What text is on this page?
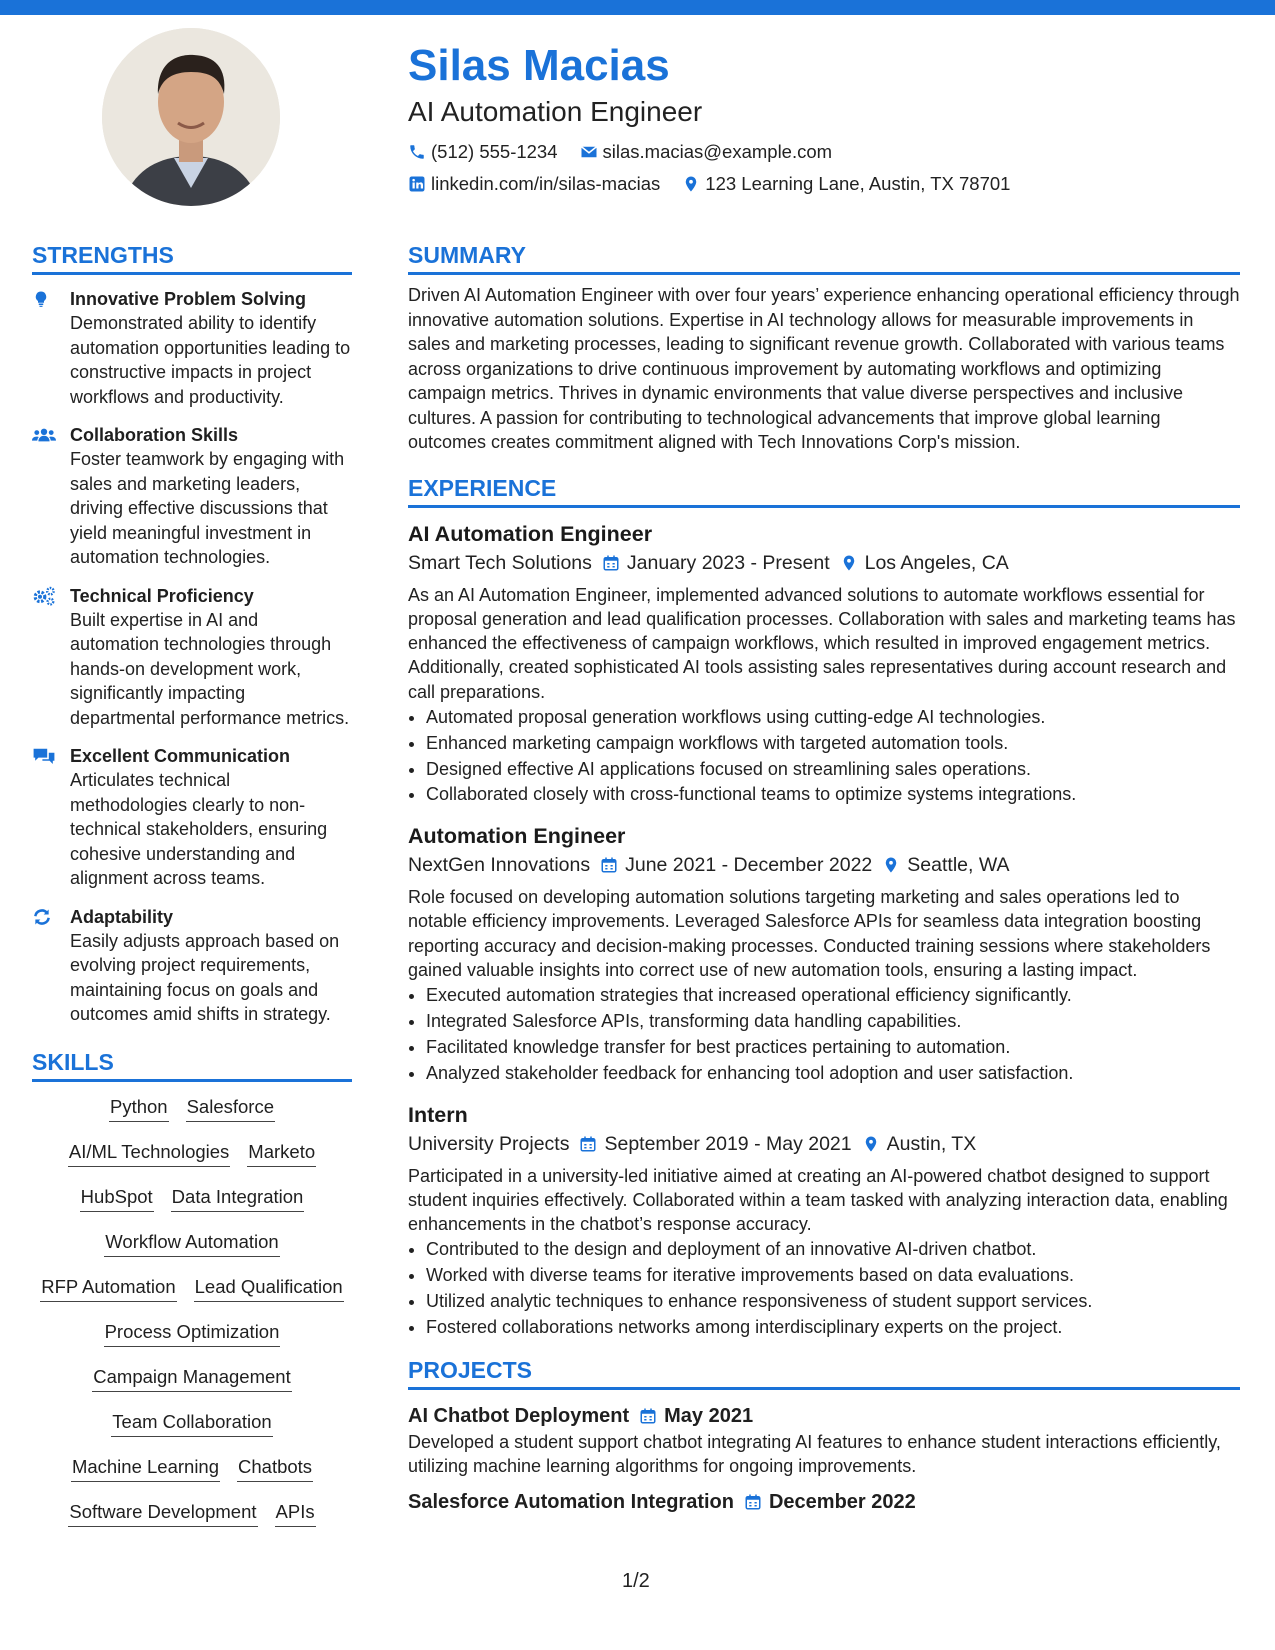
Silas Macias
AI Automation Engineer
(512) 555-1234 silas.macias@example.com
linkedin.com/in/silas-macias 123 Learning Lane, Austin, TX 78701
STRENGTHS
Innovative Problem Solving
Demonstrated ability to identify automation opportunities leading to constructive impacts in project workflows and productivity.
Collaboration Skills
Foster teamwork by engaging with sales and marketing leaders, driving effective discussions that yield meaningful investment in automation technologies.
Technical Proficiency
Built expertise in AI and automation technologies through hands-on development work, significantly impacting departmental performance metrics.
Excellent Communication
Articulates technical methodologies clearly to non-technical stakeholders, ensuring cohesive understanding and alignment across teams.
Adaptability
Easily adjusts approach based on evolving project requirements, maintaining focus on goals and outcomes amid shifts in strategy.
SKILLS
Python Salesforce
AI/ML Technologies Marketo
HubSpot Data Integration
Workflow Automation
RFP Automation Lead Qualification
Process Optimization
Campaign Management
Team Collaboration
Machine Learning Chatbots
Software Development APIs
SUMMARY
Driven AI Automation Engineer with over four years’ experience enhancing operational efficiency through innovative automation solutions. Expertise in AI technology allows for measurable improvements in sales and marketing processes, leading to significant revenue growth. Collaborated with various teams across organizations to drive continuous improvement by automating workflows and optimizing campaign metrics. Thrives in dynamic environments that value diverse perspectives and inclusive cultures. A passion for contributing to technological advancements that improve global learning outcomes creates commitment aligned with Tech Innovations Corp's mission.
EXPERIENCE
AI Automation Engineer
Smart Tech Solutions January 2023 - Present Los Angeles, CA
As an AI Automation Engineer, implemented advanced solutions to automate workflows essential for proposal generation and lead qualification processes. Collaboration with sales and marketing teams has enhanced the effectiveness of campaign workflows, which resulted in improved engagement metrics. Additionally, created sophisticated AI tools assisting sales representatives during account research and call preparations.
• Automated proposal generation workflows using cutting-edge AI technologies.
• Enhanced marketing campaign workflows with targeted automation tools.
• Designed effective AI applications focused on streamlining sales operations.
• Collaborated closely with cross-functional teams to optimize systems integrations.
Automation Engineer
NextGen Innovations June 2021 - December 2022 Seattle, WA
Role focused on developing automation solutions targeting marketing and sales operations led to notable efficiency improvements. Leveraged Salesforce APIs for seamless data integration boosting reporting accuracy and decision-making processes. Conducted training sessions where stakeholders gained valuable insights into correct use of new automation tools, ensuring a lasting impact.
• Executed automation strategies that increased operational efficiency significantly.
• Integrated Salesforce APIs, transforming data handling capabilities.
• Facilitated knowledge transfer for best practices pertaining to automation.
• Analyzed stakeholder feedback for enhancing tool adoption and user satisfaction.
Intern
University Projects September 2019 - May 2021 Austin, TX
Participated in a university-led initiative aimed at creating an AI-powered chatbot designed to support student inquiries effectively. Collaborated within a team tasked with analyzing interaction data, enabling enhancements in the chatbot’s response accuracy.
• Contributed to the design and deployment of an innovative AI-driven chatbot.
• Worked with diverse teams for iterative improvements based on data evaluations.
• Utilized analytic techniques to enhance responsiveness of student support services.
• Fostered collaborations networks among interdisciplinary experts on the project.
PROJECTS
AI Chatbot Deployment May 2021
Developed a student support chatbot integrating AI features to enhance student interactions efficiently, utilizing machine learning algorithms for ongoing improvements.
Salesforce Automation Integration December 2022
1/2
